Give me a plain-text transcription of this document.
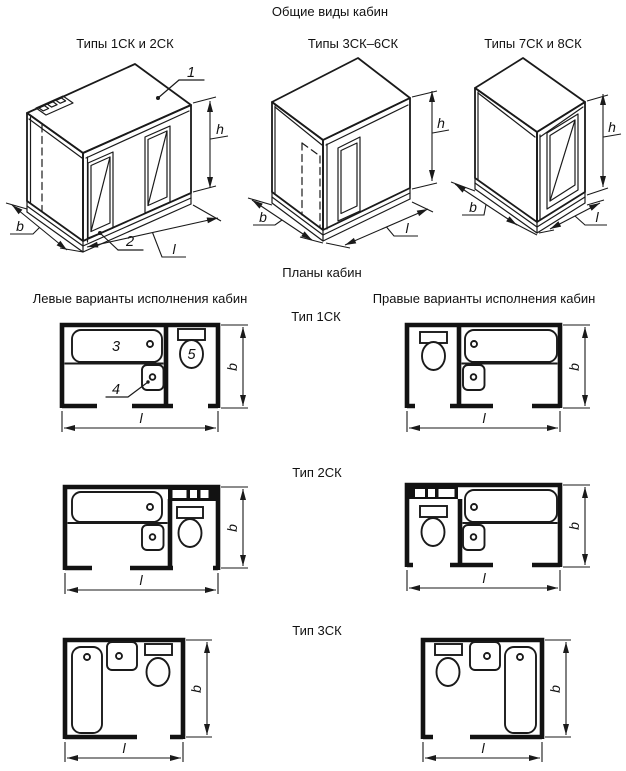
Общие виды кабин
Типы 1СК и 2СК	Типы 3СК–6СК	Типы 7СК и 8СК
Планы кабин
Левые варианты исполнения кабин	Правые варианты исполнения кабин
Тип 1СК
Тип 2СК
Тип 3СК
1
2
h
b
l
h
b
l
h
b
l
3
4
5
b
l
b
l
b
l
b
l
b
l
b
l
